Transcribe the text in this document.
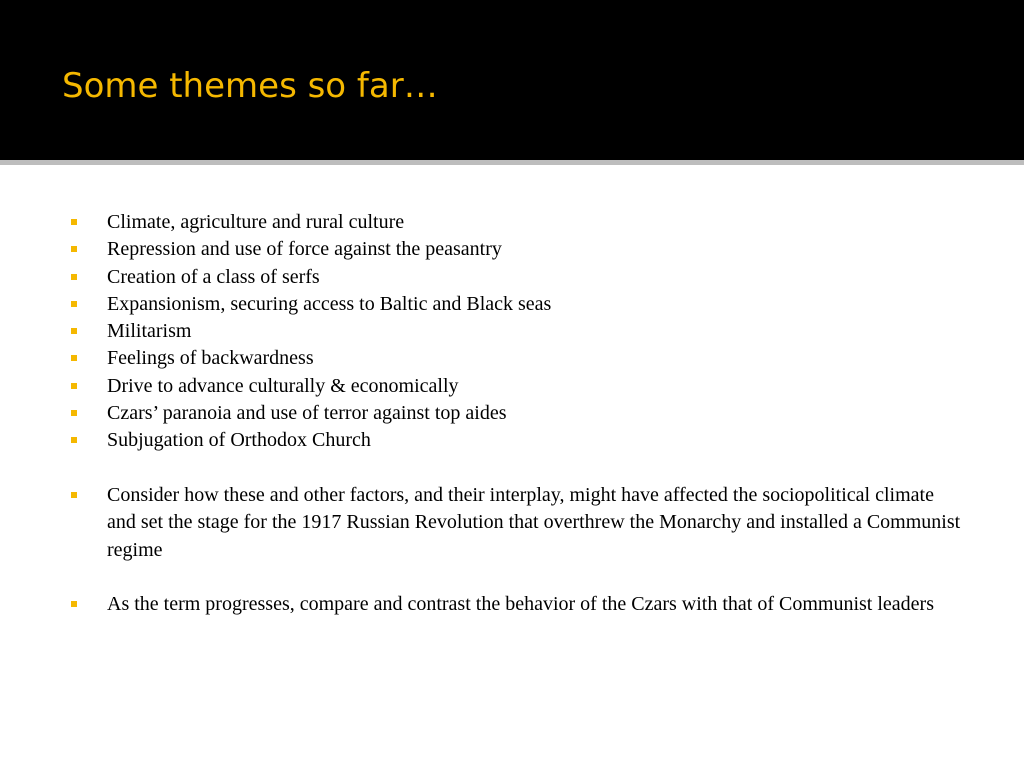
Some themes so far…
Climate, agriculture and rural culture
Repression and use of force against the peasantry
Creation of a class of serfs
Expansionism, securing access to Baltic and Black seas
Militarism
Feelings of backwardness
Drive to advance culturally & economically
Czars’ paranoia and use of terror against top aides
Subjugation of Orthodox Church
Consider how these and other factors, and their interplay, might have affected the sociopolitical climate and set the stage for the 1917 Russian Revolution that overthrew the Monarchy and installed a Communist regime
As the term progresses, compare and contrast the behavior of the Czars with that of Communist leaders
